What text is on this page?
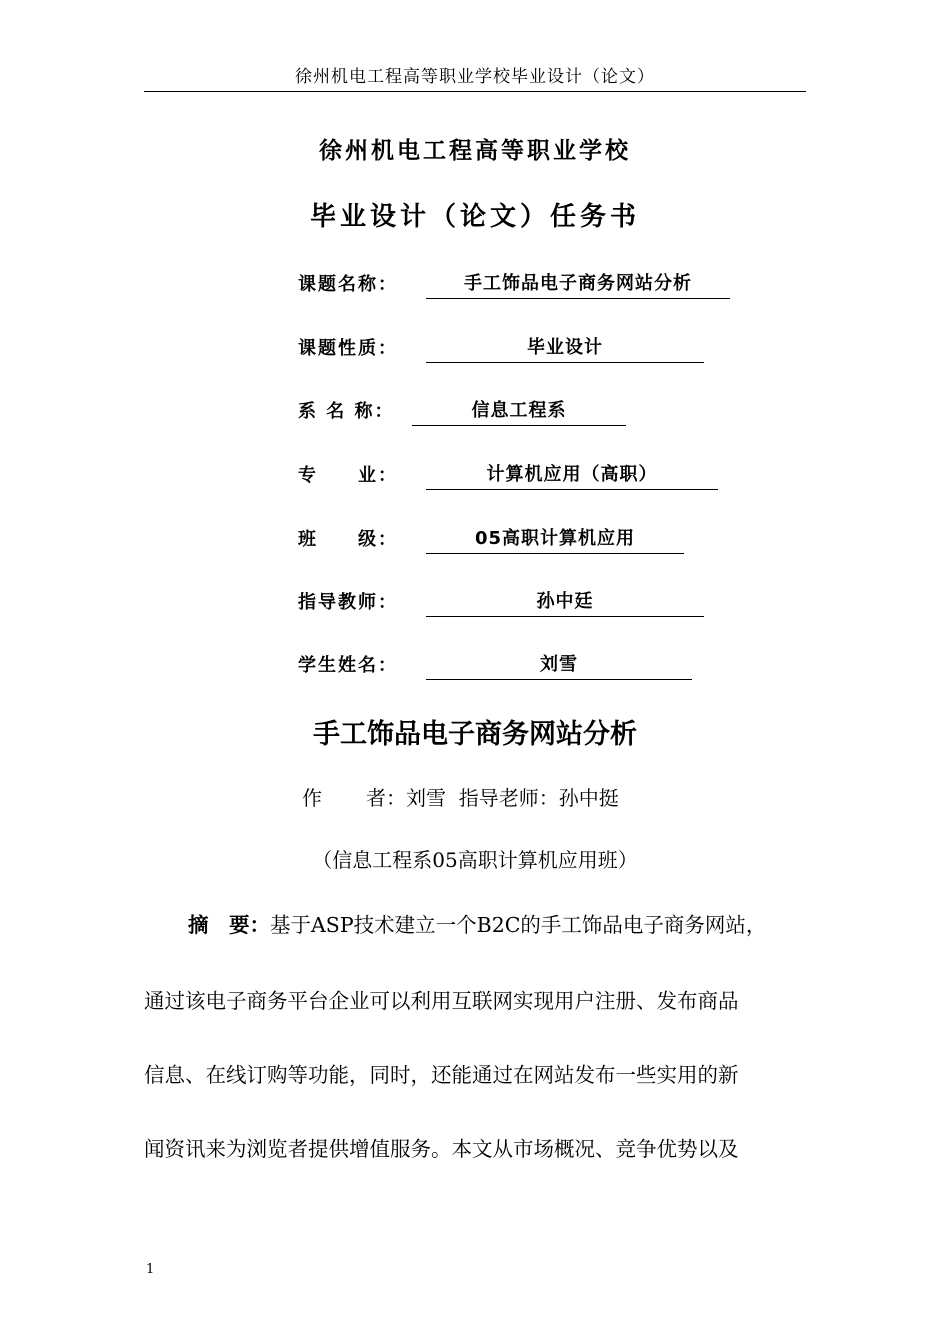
徐州机电工程高等职业学校毕业设计（论文）
徐州机电工程高等职业学校
毕业设计（论文）任务书
课题名称：	手工饰品电子商务网站分析
课题性质：	毕业设计
系 名 称：	信息工程系
专　　业：	计算机应用（高职）
班　　级：	05高职计算机应用
指导教师：	孙中廷
学生姓名：	刘雪
手工饰品电子商务网站分析
作 者：刘雪 指导老师：孙中挺
（信息工程系05高职计算机应用班）
摘　要：基于ASP技术建立一个B2C的手工饰品电子商务网站，
通过该电子商务平台企业可以利用互联网实现用户注册、发布商品
信息、在线订购等功能，同时，还能通过在网站发布一些实用的新
闻资讯来为浏览者提供增值服务。本文从市场概况、竞争优势以及
1
